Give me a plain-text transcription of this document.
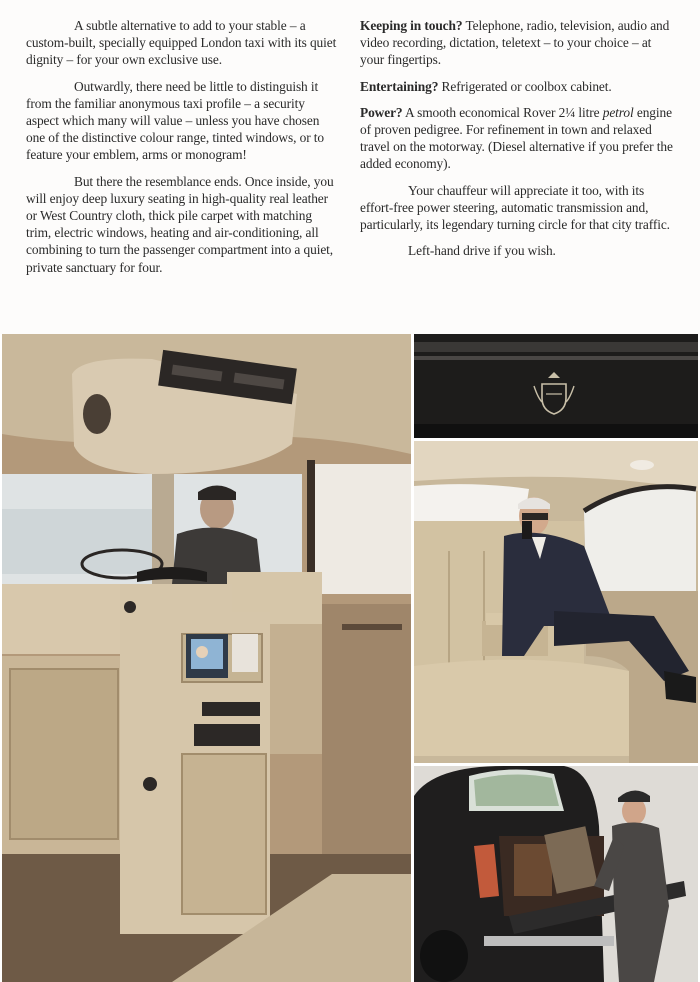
A subtle alternative to add to your stable – a custom-built, specially equipped London taxi with its quiet dignity – for your own exclusive use.

Outwardly, there need be little to distinguish it from the familiar anonymous taxi profile – a security aspect which many will value – unless you have chosen one of the distinctive colour range, tinted windows, or to feature your emblem, arms or monogram!

But there the resemblance ends. Once inside, you will enjoy deep luxury seating in high-quality real leather or West Country cloth, thick pile carpet with matching trim, electric windows, heating and air-conditioning, all combining to turn the passenger compartment into a quiet, private sanctuary for four.

Keeping in touch? Telephone, radio, television, audio and video recording, dictation, teletext – to your choice – at your fingertips.

Entertaining? Refrigerated or coolbox cabinet.

Power? A smooth economical Rover 2¼ litre petrol engine of proven pedigree. For refinement in town and relaxed travel on the motorway. (Diesel alternative if you prefer the added economy).

Your chauffeur will appreciate it too, with its effort-free power steering, automatic transmission and, particularly, its legendary turning circle for that city traffic.

Left-hand drive if you wish.
